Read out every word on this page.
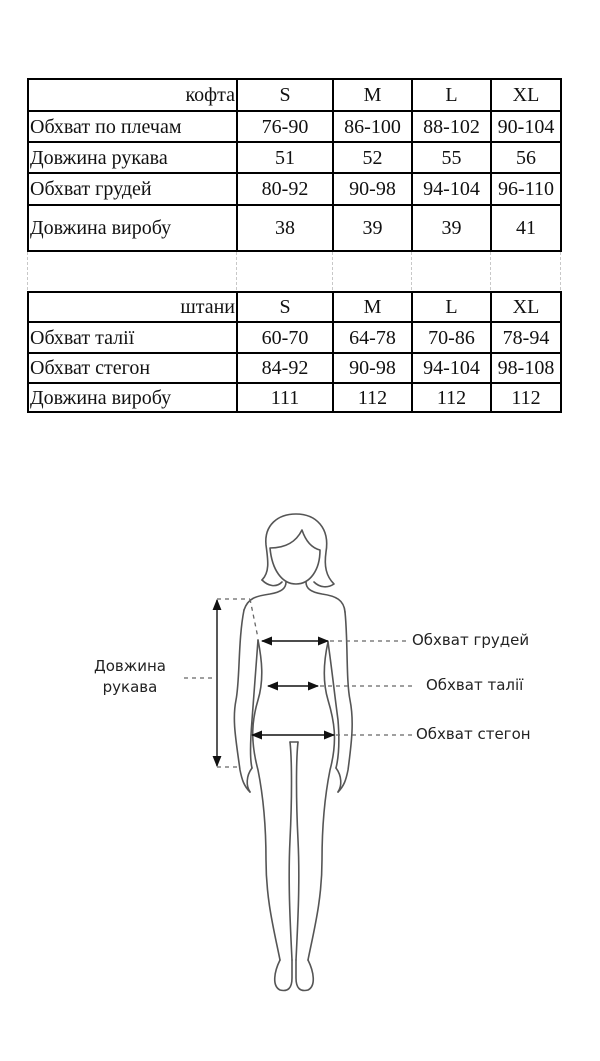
кофта	S	M	L	XL
Обхват по плечам	76-90	86-100	88-102	90-104
Довжина рукава	51	52	55	56
Обхват грудей	80-92	90-98	94-104	96-110
Довжина виробу	38	39	39	41
штани	S	M	L	XL
Обхват талії	60-70	64-78	70-86	78-94
Обхват стегон	84-92	90-98	94-104	98-108
Довжина виробу	111	112	112	112
Довжина
рукава
Обхват грудей
Обхват талії
Обхват стегон
